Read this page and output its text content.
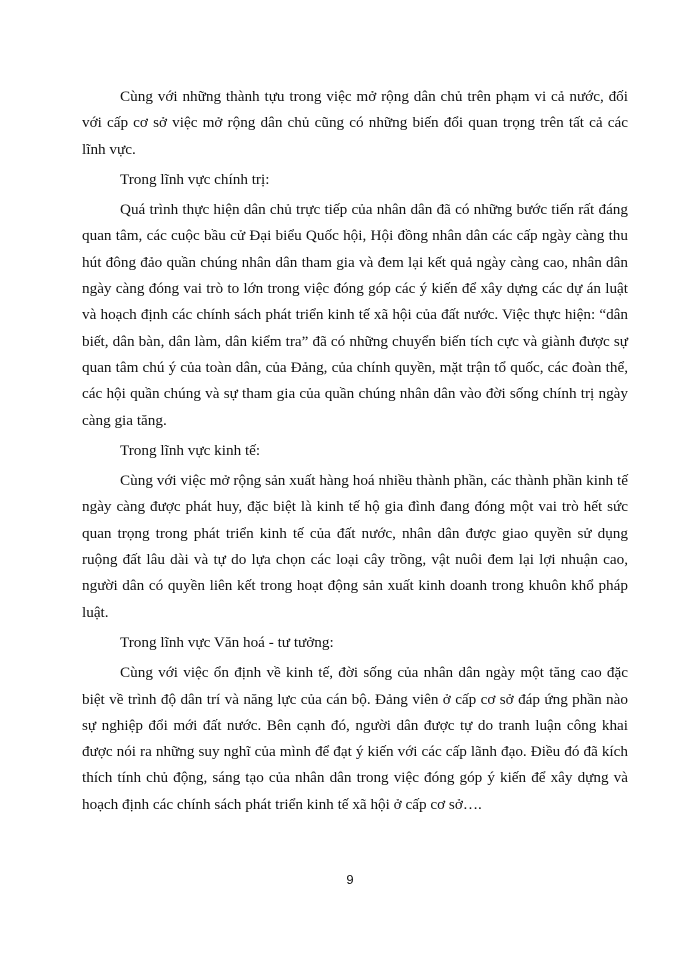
Cùng với những thành tựu trong việc mở rộng dân chủ trên phạm vi cả nước, đối với cấp cơ sở việc mở rộng dân chủ cũng có những biến đổi quan trọng trên tất cả các lĩnh vực.

Trong lĩnh vực chính trị:

Quá trình thực hiện dân chủ trực tiếp của nhân dân đã có những bước tiến rất đáng quan tâm, các cuộc bầu cử Đại biểu Quốc hội, Hội đồng nhân dân các cấp ngày càng thu hút đông đảo quần chúng nhân dân tham gia và đem lại kết quả ngày càng cao, nhân dân ngày càng đóng vai trò to lớn trong việc đóng góp các ý kiến để xây dựng các dự án luật và hoạch định các chính sách phát triển kinh tế xã hội của đất nước. Việc thực hiện: “dân biết, dân bàn, dân làm, dân kiểm tra” đã có những chuyển biến tích cực và giành được sự quan tâm chú ý của toàn dân, của Đảng, của chính quyền, mặt trận tổ quốc, các đoàn thể, các hội quần chúng và sự tham gia của quần chúng nhân dân vào đời sống chính trị ngày càng gia tăng.

Trong lĩnh vực kinh tế:

Cùng với việc mở rộng sản xuất hàng hoá nhiều thành phần, các thành phần kinh tế ngày càng được phát huy, đặc biệt là kinh tế hộ gia đình đang đóng một vai trò hết sức quan trọng trong phát triển kinh tế của đất nước, nhân dân được giao quyền sử dụng ruộng đất lâu dài và tự do lựa chọn các loại cây trồng, vật nuôi đem lại lợi nhuận cao, người dân có quyền liên kết trong hoạt động sản xuất kinh doanh trong khuôn khổ pháp luật.

Trong lĩnh vực Văn hoá - tư tưởng:

Cùng với việc ổn định về kinh tế, đời sống của nhân dân ngày một tăng cao đặc biệt về trình độ dân trí và năng lực của cán bộ. Đảng viên ở cấp cơ sở đáp ứng phần nào sự nghiệp đổi mới đất nước. Bên cạnh đó, người dân được tự do tranh luận công khai được nói ra những suy nghĩ của mình để đạt ý kiến với các cấp lãnh đạo. Điều đó đã kích thích tính chủ động, sáng tạo của nhân dân trong việc đóng góp ý kiến để xây dựng và hoạch định các chính sách phát triển kinh tế xã hội ở cấp cơ sở….

9
